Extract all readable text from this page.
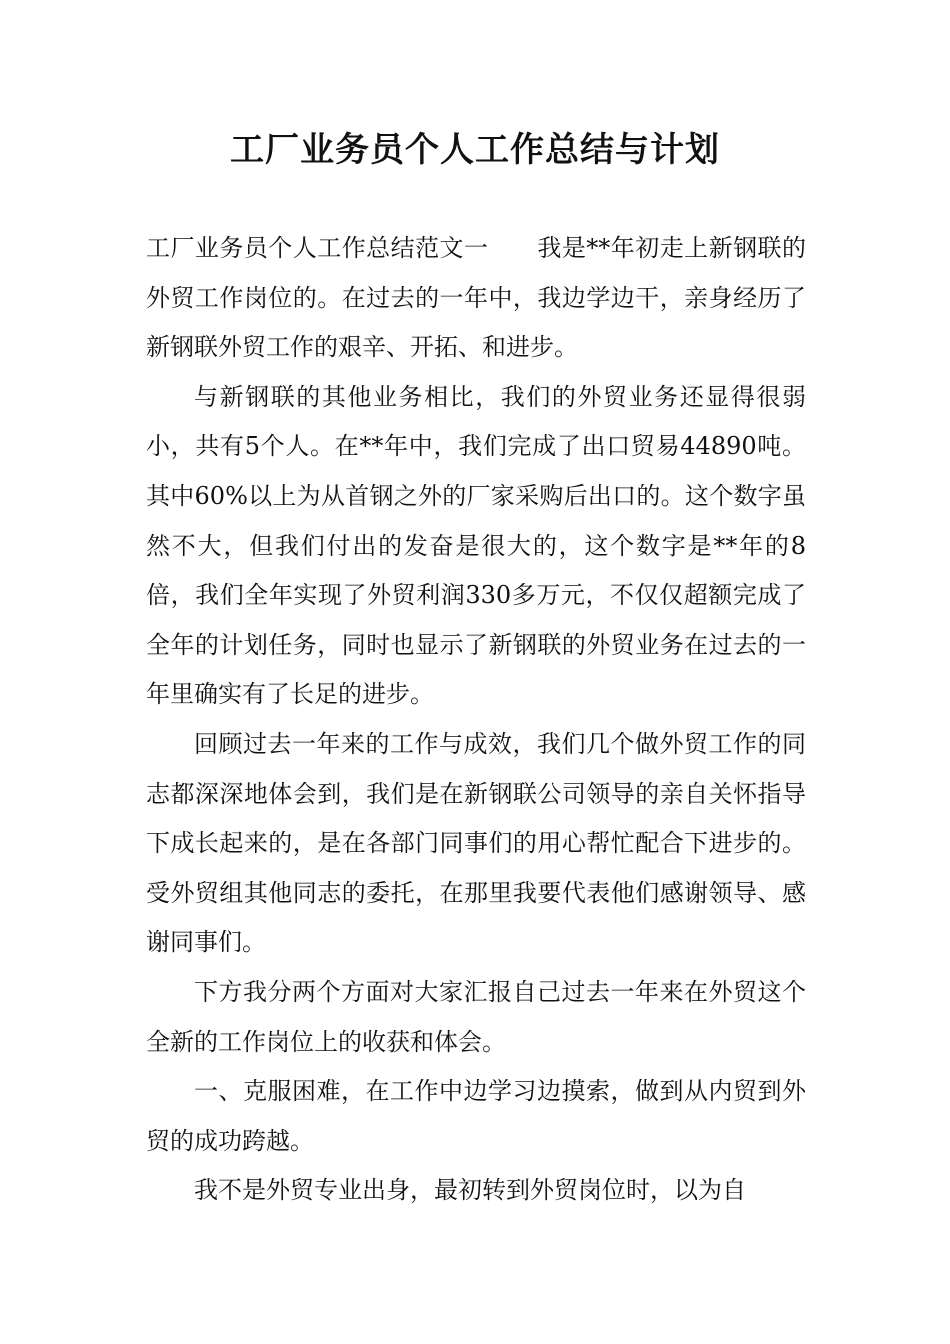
工厂业务员个人工作总结与计划

工厂业务员个人工作总结范文一　　我是**年初走上新钢联的外贸工作岗位的。在过去的一年中，我边学边干，亲身经历了新钢联外贸工作的艰辛、开拓、和进步。

与新钢联的其他业务相比，我们的外贸业务还显得很弱小，共有5个人。在**年中，我们完成了出口贸易44890吨。其中60%以上为从首钢之外的厂家采购后出口的。这个数字虽然不大，但我们付出的发奋是很大的，这个数字是**年的8倍，我们全年实现了外贸利润330多万元，不仅仅超额完成了全年的计划任务，同时也显示了新钢联的外贸业务在过去的一年里确实有了长足的进步。

回顾过去一年来的工作与成效，我们几个做外贸工作的同志都深深地体会到，我们是在新钢联公司领导的亲自关怀指导下成长起来的，是在各部门同事们的用心帮忙配合下进步的。受外贸组其他同志的委托，在那里我要代表他们感谢领导、感谢同事们。

下方我分两个方面对大家汇报自己过去一年来在外贸这个全新的工作岗位上的收获和体会。

一、克服困难，在工作中边学习边摸索，做到从内贸到外贸的成功跨越。

我不是外贸专业出身，最初转到外贸岗位时，以为自
